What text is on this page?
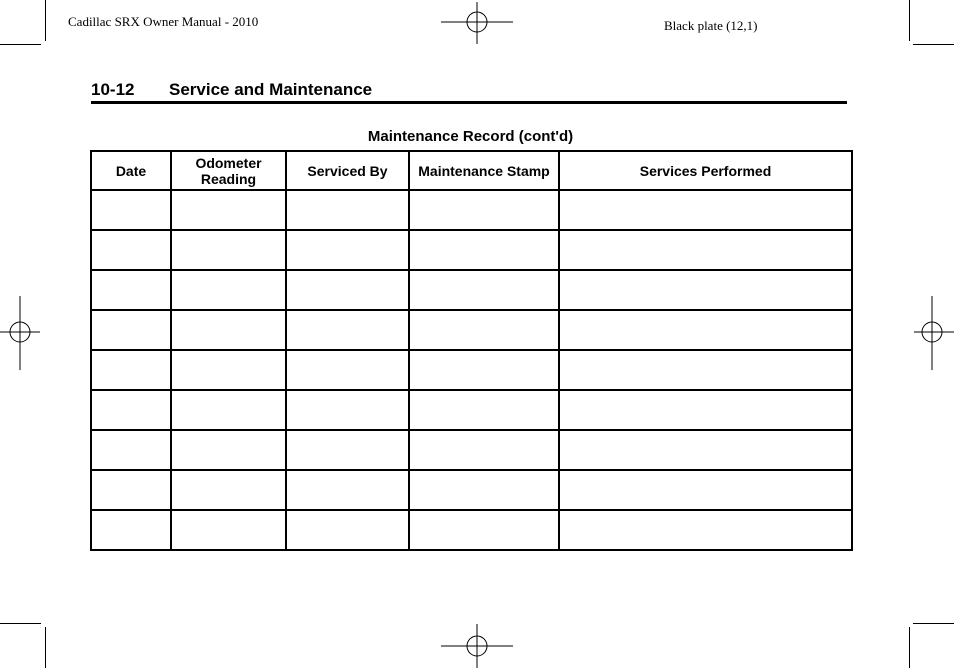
Cadillac SRX Owner Manual - 2010	Black plate (12,1)
10-12 Service and Maintenance
Maintenance Record (cont'd)
Date	Odometer Reading	Serviced By	Maintenance Stamp	Services Performed
